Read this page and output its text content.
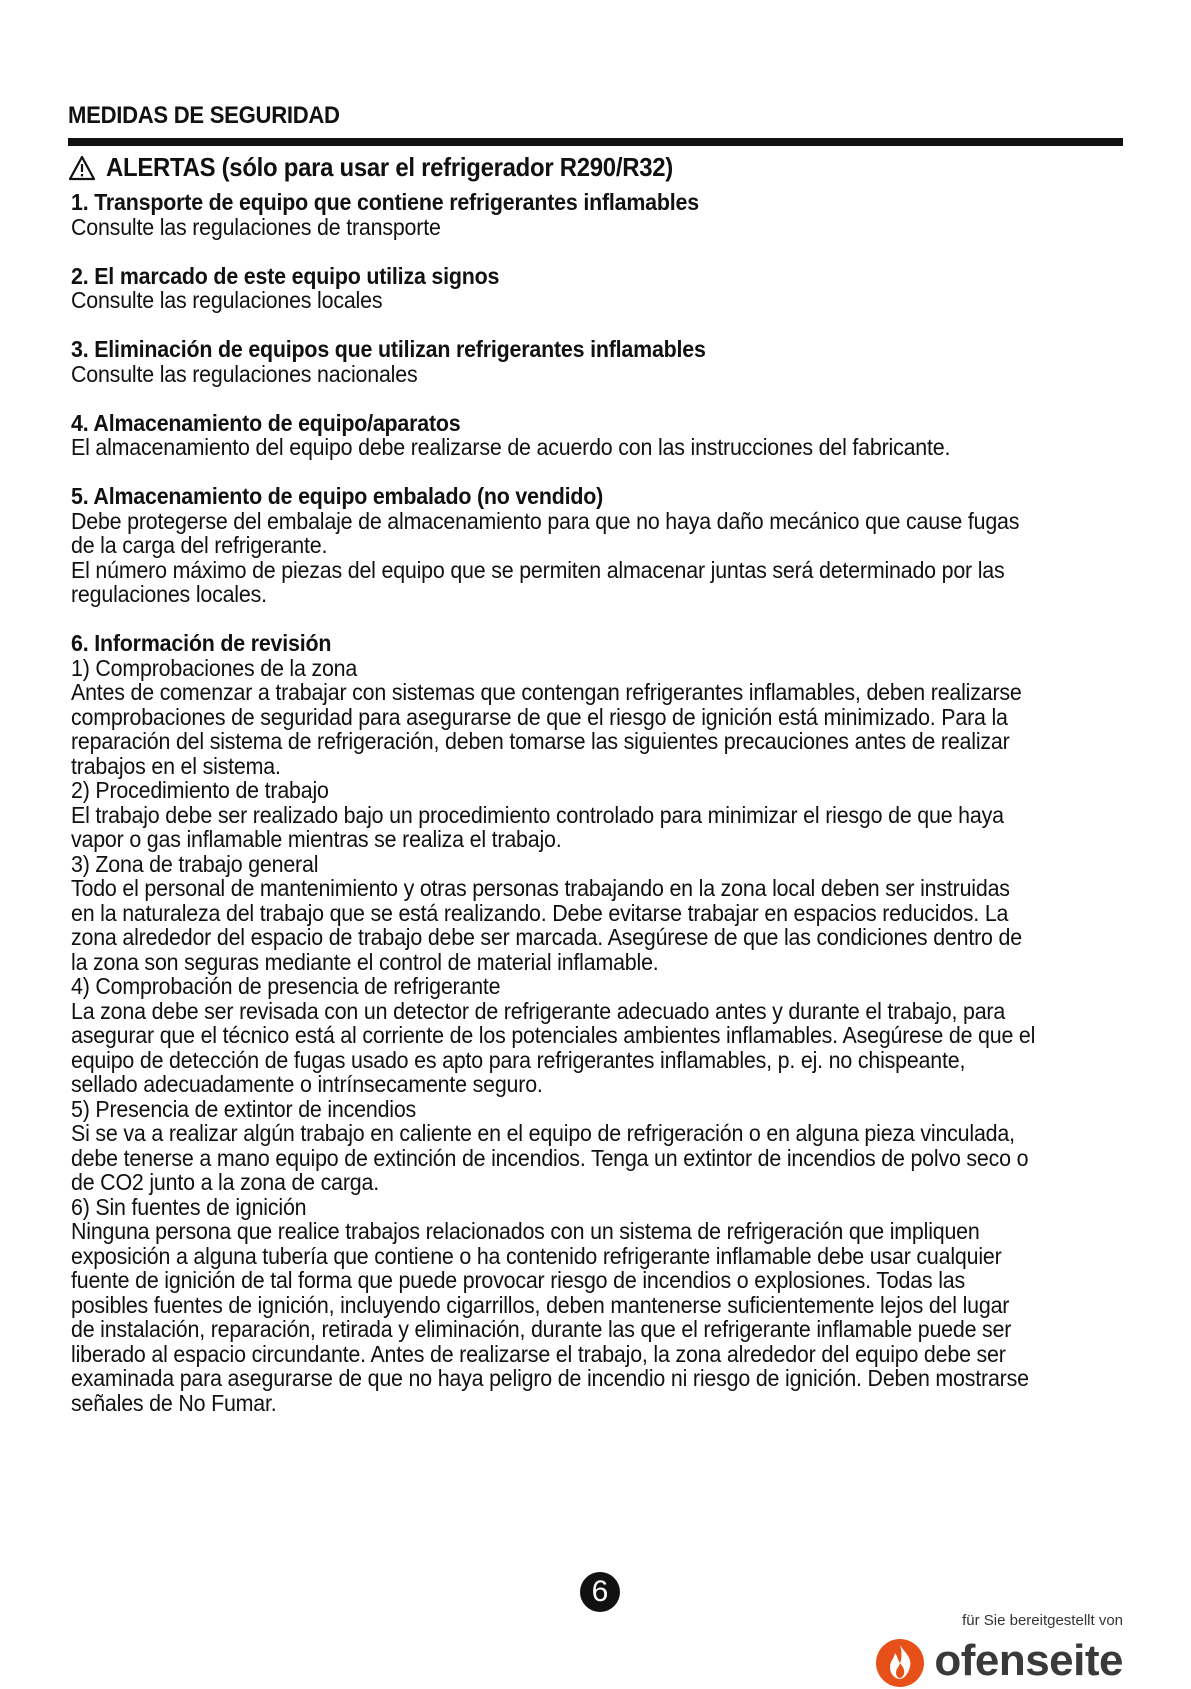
MEDIDAS DE SEGURIDAD
ALERTAS (sólo para usar el refrigerador R290/R32)
1. Transporte de equipo que contiene refrigerantes inflamables

Consulte las regulaciones de transporte

2. El marcado de este equipo utiliza signos

Consulte las regulaciones locales

3. Eliminación de equipos que utilizan refrigerantes inflamables

Consulte las regulaciones nacionales

4. Almacenamiento de equipo/aparatos

El almacenamiento del equipo debe realizarse de acuerdo con las instrucciones del fabricante.

5. Almacenamiento de equipo embalado (no vendido)

Debe protegerse del embalaje de almacenamiento para que no haya daño mecánico que cause fugas

de la carga del refrigerante.

El número máximo de piezas del equipo que se permiten almacenar juntas será determinado por las

regulaciones locales.

6. Información de revisión

1) Comprobaciones de la zona

Antes de comenzar a trabajar con sistemas que contengan refrigerantes inflamables, deben realizarse

comprobaciones de seguridad para asegurarse de que el riesgo de ignición está minimizado. Para la

reparación del sistema de refrigeración, deben tomarse las siguientes precauciones antes de realizar

trabajos en el sistema.

2) Procedimiento de trabajo

El trabajo debe ser realizado bajo un procedimiento controlado para minimizar el riesgo de que haya

vapor o gas inflamable mientras se realiza el trabajo.

3) Zona de trabajo general

Todo el personal de mantenimiento y otras personas trabajando en la zona local deben ser instruidas

en la naturaleza del trabajo que se está realizando. Debe evitarse trabajar en espacios reducidos. La

zona alrededor del espacio de trabajo debe ser marcada. Asegúrese de que las condiciones dentro de

la zona son seguras mediante el control de material inflamable.

4) Comprobación de presencia de refrigerante

La zona debe ser revisada con un detector de refrigerante adecuado antes y durante el trabajo, para

asegurar que el técnico está al corriente de los potenciales ambientes inflamables. Asegúrese de que el

equipo de detección de fugas usado es apto para refrigerantes inflamables, p. ej. no chispeante,

sellado adecuadamente o intrínsecamente seguro.

5) Presencia de extintor de incendios

Si se va a realizar algún trabajo en caliente en el equipo de refrigeración o en alguna pieza vinculada,

debe tenerse a mano equipo de extinción de incendios. Tenga un extintor de incendios de polvo seco o

de CO2 junto a la zona de carga.

6) Sin fuentes de ignición

Ninguna persona que realice trabajos relacionados con un sistema de refrigeración que impliquen

exposición a alguna tubería que contiene o ha contenido refrigerante inflamable debe usar cualquier

fuente de ignición de tal forma que puede provocar riesgo de incendios o explosiones. Todas las

posibles fuentes de ignición, incluyendo cigarrillos, deben mantenerse suficientemente lejos del lugar

de instalación, reparación, retirada y eliminación, durante las que el refrigerante inflamable puede ser

liberado al espacio circundante. Antes de realizarse el trabajo, la zona alrededor del equipo debe ser

examinada para asegurarse de que no haya peligro de incendio ni riesgo de ignición. Deben mostrarse

señales de No Fumar.

6
für Sie bereitgestellt von
ofenseite
